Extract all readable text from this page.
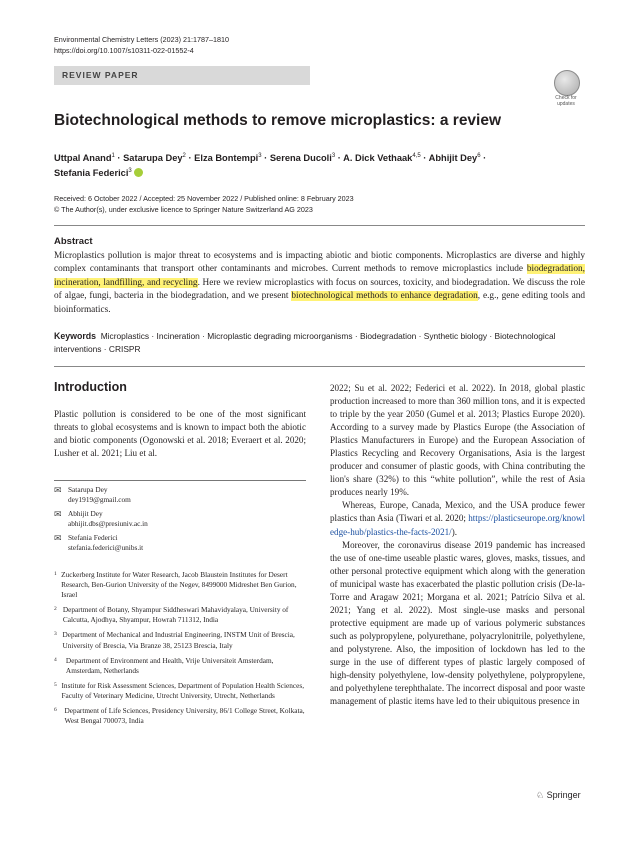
Environmental Chemistry Letters (2023) 21:1787–1810
https://doi.org/10.1007/s10311-022-01552-4
REVIEW PAPER
Check for
updates
Biotechnological methods to remove microplastics: a review
Uttpal Anand$^1$ · Satarupa Dey$^2$ · Elza Bontempi$^3$ · Serena Ducoli$^3$ · A. Dick Vethaak$^{4,5}$ · Abhijit Dey$^6$ ·
Stefania Federici$^3$
Received: 6 October 2022 / Accepted: 25 November 2022 / Published online: 8 February 2023
© The Author(s), under exclusive licence to Springer Nature Switzerland AG 2023
Abstract
Microplastics pollution is major threat to ecosystems and is impacting abiotic and biotic components. Microplastics are diverse and highly complex contaminants that transport other contaminants and microbes. Current methods to remove microplastics include biodegradation, incineration, landfilling, and recycling. Here we review microplastics with focus on sources, toxicity, and biodegradation. We discuss the role of algae, fungi, bacteria in the biodegradation, and we present biotechnological methods to enhance degradation, e.g., gene editing tools and bioinformatics.
Keywords Microplastics · Incineration · Microplastic degrading microorganisms · Biodegradation · Synthetic biology · Biotechnological interventions · CRISPR
Introduction

Plastic pollution is considered to be one of the most significant threats to global ecosystems and is known to impact both the abiotic and biotic components (Ogonowski et al. 2018; Everaert et al. 2020; Lusher et al. 2021; Liu et al.

✉ Satarupa Dey
dey1919@gmail.com
✉ Abhijit Dey
abhijit.dbs@presiuniv.ac.in
✉ Stefania Federici
stefania.federici@unibs.it
1 Zuckerberg Institute for Water Research, Jacob Blaustein Institutes for Desert Research, Ben-Gurion University of the Negev, 8499000 Midreshet Ben Gurion, Israel
2 Department of Botany, Shyampur Siddheswari Mahavidyalaya, University of Calcutta, Ajodhya, Shyampur, Howrah 711312, India
3 Department of Mechanical and Industrial Engineering, INSTM Unit of Brescia, University of Brescia, Via Branze 38, 25123 Brescia, Italy
4	Department of Environment and Health, Vrije Universiteit Amsterdam, Amsterdam, Netherlands
5 Institute for Risk Assessment Sciences, Department of Population Health Sciences, Faculty of Veterinary Medicine, Utrecht University, Utrecht, Netherlands
6	Department of Life Sciences, Presidency University, 86/1 College Street, Kolkata, West Bengal 700073, India

2022; Su et al. 2022; Federici et al. 2022). In 2018, global plastic production increased to more than 360 million tons, and it is expected to triple by the year 2050 (Gumel et al. 2013; Plastics Europe 2020). According to a survey made by Plastics Europe (the Association of Plastics Manufacturers in Europe) and the European Association of Plastics Recycling and Recovery Organisations, Asia is the largest producer and consumer of plastic goods, with China contributing the lion's share (32%) to this “white pollution”, while the rest of Asia produces nearly 19%.

Whereas, Europe, Canada, Mexico, and the USA produce fewer plastics than Asia (Tiwari et al. 2020; https://plasticseurope.org/knowledge-hub/plastics-the-facts-2021/).

Moreover, the coronavirus disease 2019 pandemic has increased the use of one-time useable plastic wares, gloves, masks, tissues, and other personal protective equipment which along with the generation of municipal waste has exacerbated the plastic pollution crisis (De-la-Torre and Aragaw 2021; Morgana et al. 2021; Patrício Silva et al. 2021; Yang et al. 2022). Most single-use masks and personal protective equipment are made up of various polymeric substances such as polypropylene, polyurethane, polyacrylonitrile, polyethylene, and polystyrene. Also, the imposition of lockdown has led to the surge in the use of different types of plastic largely composed of high-density polyethylene, low-density polyethylene, polypropylene, and polyethylene terephthalate. The incorrect disposal and poor waste management of plastic items have led to their ubiquitous presence in

♘ Springer
